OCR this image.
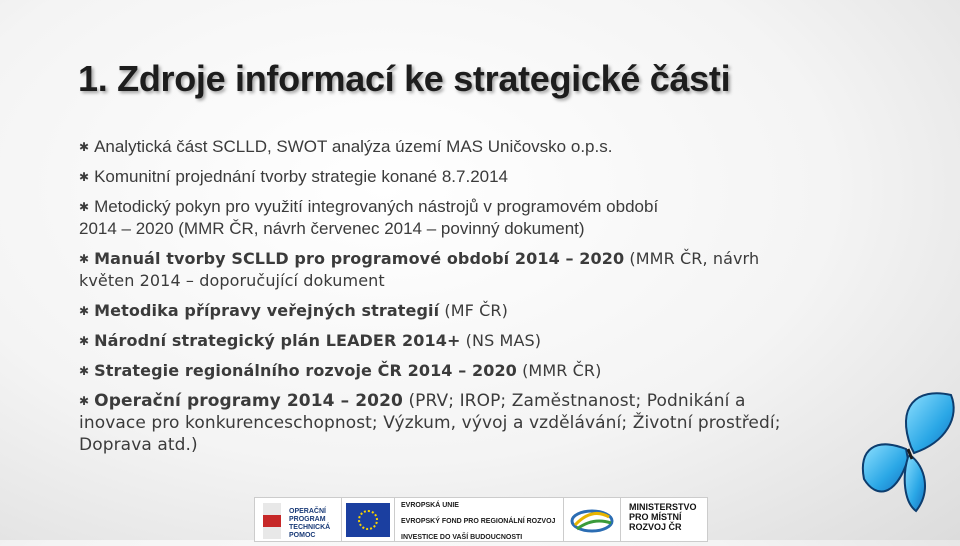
1. Zdroje informací ke strategické části
✱ Analytická část SCLLD, SWOT analýza území MAS Uničovsko o.p.s.
✱ Komunitní projednání tvorby strategie konané 8.7.2014
✱ Metodický pokyn pro využití integrovaných nástrojů v programovém období
2014 – 2020 (MMR ČR, návrh červenec 2014 – povinný dokument)
✱ Manuál tvorby SCLLD pro programové období 2014 – 2020 (MMR ČR, návrh
květen 2014 – doporučující dokument
✱ Metodika přípravy veřejných strategií (MF ČR)
✱ Národní strategický plán LEADER 2014+ (NS MAS)
✱ Strategie regionálního rozvoje ČR 2014 – 2020 (MMR ČR)
✱ Operační programy 2014 – 2020 (PRV; IROP; Zaměstnanost; Podnikání a inovace pro konkurenceschopnost; Výzkum, vývoj a vzdělávání; Životní prostředí; Doprava atd.)
OPERAČNÍ
PROGRAM
TECHNICKÁ
POMOC
EVROPSKÁ UNIE
EVROPSKÝ FOND PRO REGIONÁLNÍ ROZVOJ
INVESTICE DO VAŠÍ BUDOUCNOSTI
MINISTERSTVO
PRO MÍSTNÍ
ROZVOJ ČR
